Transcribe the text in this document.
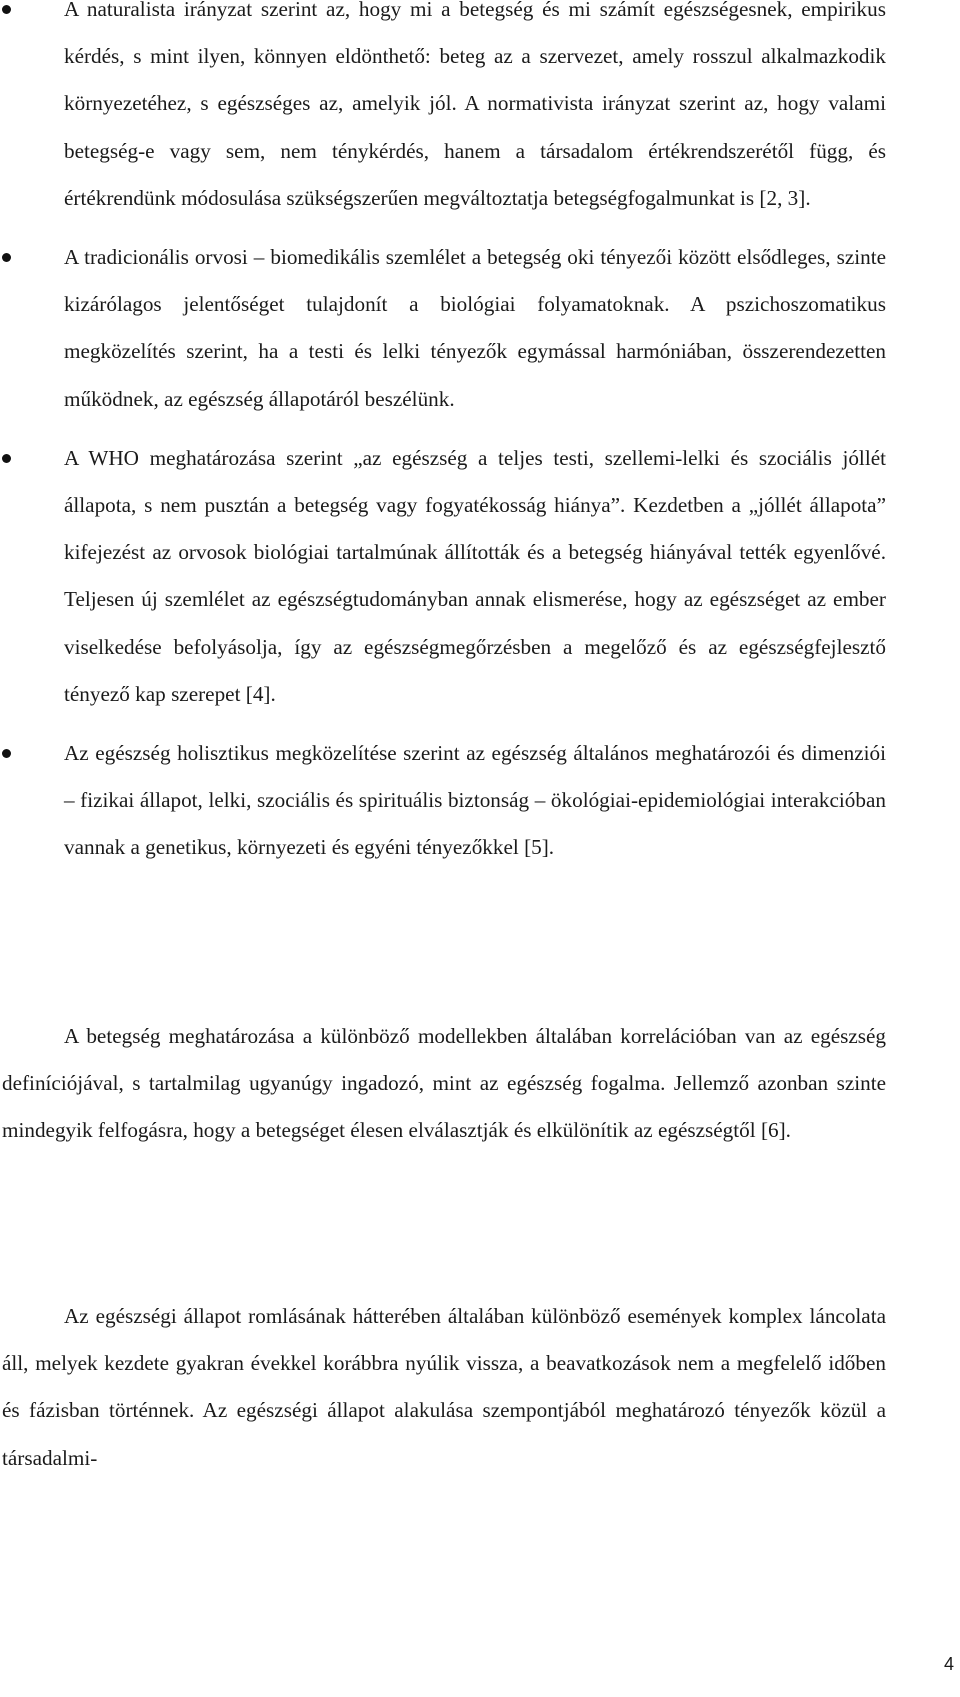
A naturalista irányzat szerint az, hogy mi a betegség és mi számít egészségesnek, empirikus kérdés, s mint ilyen, könnyen eldönthető: beteg az a szervezet, amely rosszul alkalmazkodik környezetéhez, s egészséges az, amelyik jól. A normativista irányzat szerint az, hogy valami betegség-e vagy sem, nem ténykérdés, hanem a társadalom értékrendszerétől függ, és értékrendünk módosulása szükségszerűen megváltoztatja betegségfogalmunkat is [2, 3].
A tradicionális orvosi – biomedikális szemlélet a betegség oki tényezői között elsődleges, szinte kizárólagos jelentőséget tulajdonít a biológiai folyamatoknak. A pszichoszomatikus megközelítés szerint, ha a testi és lelki tényezők egymással harmóniában, összerendezetten működnek, az egészség állapotáról beszélünk.
A WHO meghatározása szerint „az egészség a teljes testi, szellemi-lelki és szociális jóllét állapota, s nem pusztán a betegség vagy fogyatékosság hiánya”. Kezdetben a „jóllét állapota” kifejezést az orvosok biológiai tartalmúnak állították és a betegség hiányával tették egyenlővé. Teljesen új szemlélet az egészségtudományban annak elismerése, hogy az egészséget az ember viselkedése befolyásolja, így az egészségmegőrzésben a megelőző és az egészségfejlesztő tényező kap szerepet [4].
Az egészség holisztikus megközelítése szerint az egészség általános meghatározói és dimenziói – fizikai állapot, lelki, szociális és spirituális biztonság – ökológiai-epidemiológiai interakcióban vannak a genetikus, környezeti és egyéni tényezőkkel [5].

A betegség meghatározása a különböző modellekben általában korrelációban van az egészség definíciójával, s tartalmilag ugyanúgy ingadozó, mint az egészség fogalma. Jellemző azonban szinte mindegyik felfogásra, hogy a betegséget élesen elválasztják és elkülönítik az egészségtől [6].

Az egészségi állapot romlásának hátterében általában különböző események komplex láncolata áll, melyek kezdete gyakran évekkel korábbra nyúlik vissza, a beavatkozások nem a megfelelő időben és fázisban történnek. Az egészségi állapot alakulása szempontjából meghatározó tényezők közül a társadalmi-

4
